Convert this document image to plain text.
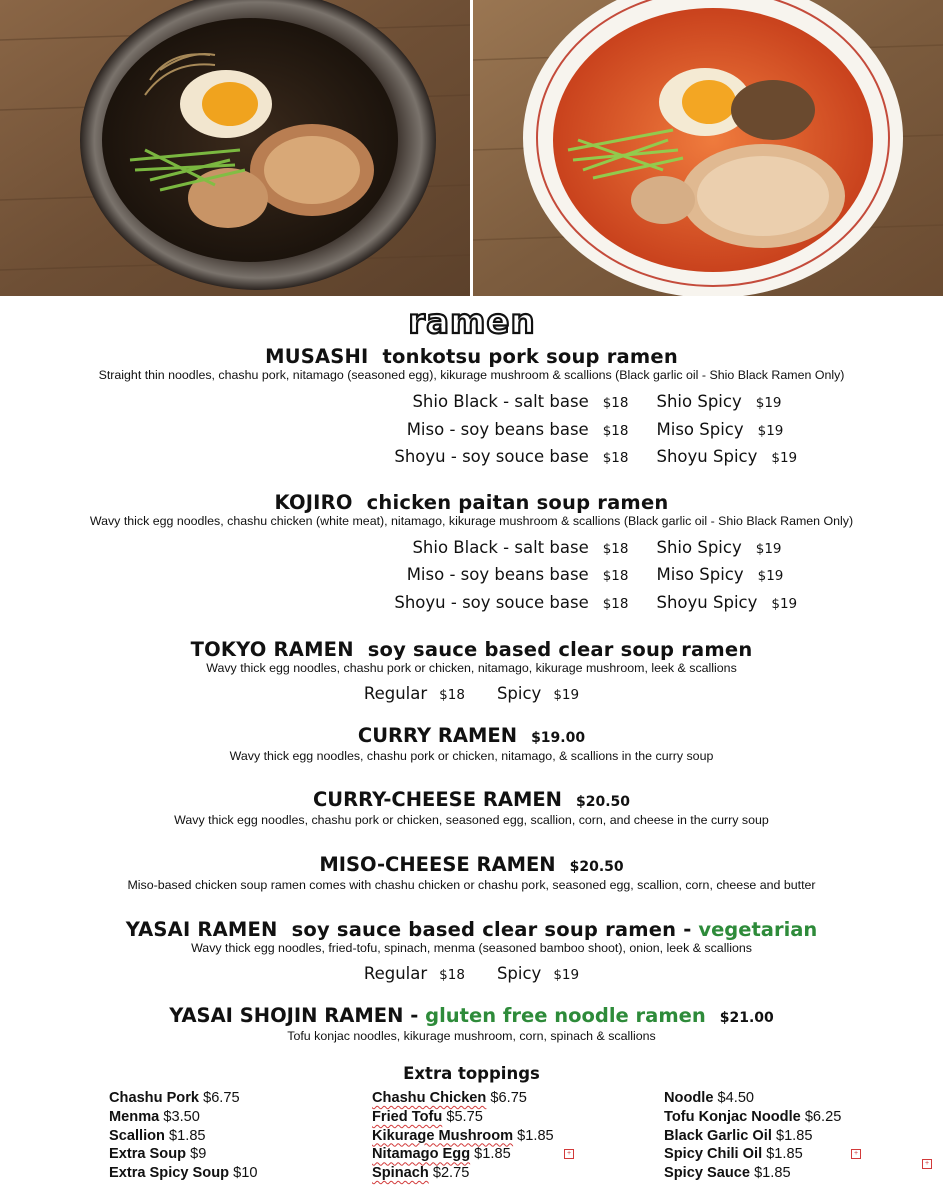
ramen
MUSASHI tonkotsu pork soup ramen
Straight thin noodles, chashu pork, nitamago (seasoned egg), kikurage mushroom & scallions (Black garlic oil - Shio Black Ramen Only)
Shio Black - salt base $18	Shio Spicy $19
Miso - soy beans base $18	Miso Spicy $19
Shoyu - soy souce base $18	Shoyu Spicy $19
KOJIRO chicken paitan soup ramen
Wavy thick egg noodles, chashu chicken (white meat), nitamago, kikurage mushroom & scallions (Black garlic oil - Shio Black Ramen Only)
Shio Black - salt base $18	Shio Spicy $19
Miso - soy beans base $18	Miso Spicy $19
Shoyu - soy souce base $18	Shoyu Spicy $19
TOKYO RAMEN soy sauce based clear soup ramen
Wavy thick egg noodles, chashu pork or chicken, nitamago, kikurage mushroom, leek & scallions
Regular $18 Spicy $19
CURRY RAMEN $19.00
Wavy thick egg noodles, chashu pork or chicken, nitamago, & scallions in the curry soup
CURRY-CHEESE RAMEN $20.50
Wavy thick egg noodles, chashu pork or chicken, seasoned egg, scallion, corn, and cheese in the curry soup
MISO-CHEESE RAMEN $20.50
Miso-based chicken soup ramen comes with chashu chicken or chashu pork, seasoned egg, scallion, corn, cheese and butter
YASAI RAMEN soy sauce based clear soup ramen - vegetarian
Wavy thick egg noodles, fried-tofu, spinach, menma (seasoned bamboo shoot), onion, leek & scallions
Regular $18 Spicy $19
YASAI SHOJIN RAMEN - gluten free noodle ramen $21.00
Tofu konjac noodles, kikurage mushroom, corn, spinach & scallions
Extra toppings
Chashu Pork $6.75
Menma $3.50
Scallion $1.85
Extra Soup $9
Extra Spicy Soup $10
Chashu Chicken $6.75
Fried Tofu $5.75
Kikurage Mushroom $1.85
Nitamago Egg $1.85
Spinach $2.75
Noodle $4.50
Tofu Konjac Noodle $6.25
Black Garlic Oil $1.85
Spicy Chili Oil $1.85
Spicy Sauce $1.85
+	+
+
